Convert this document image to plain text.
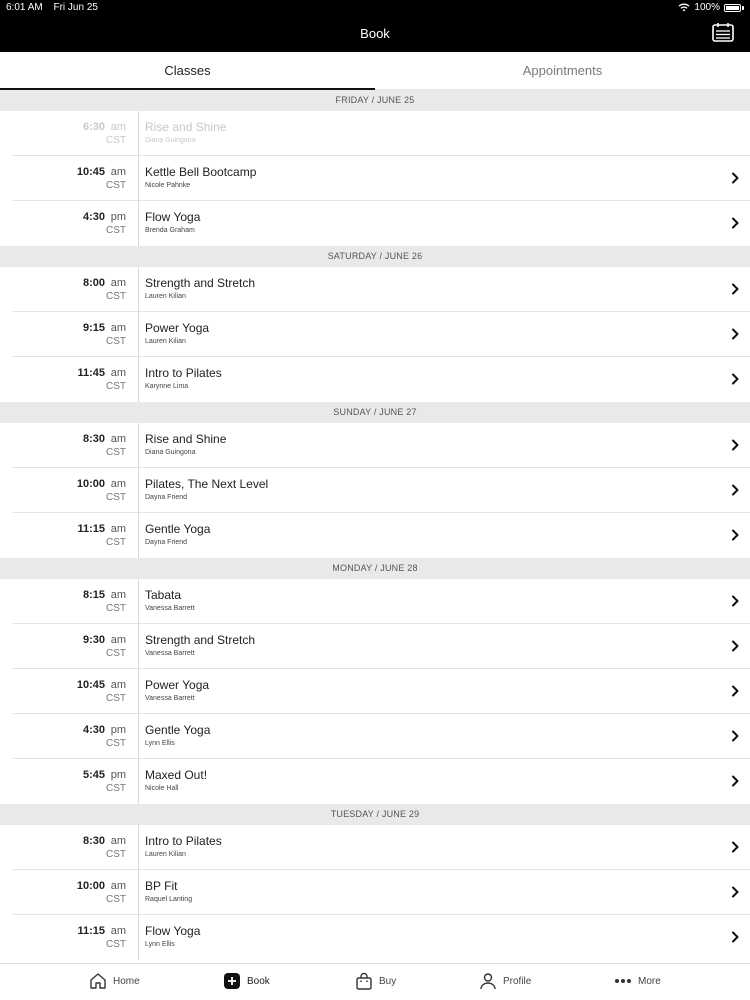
6:01 AM Fri Jun 25	100%
Book
Classes	Appointments
FRIDAY / JUNE 25
6:30 am
CST
Rise and Shine
Diana Guingona
10:45 am
CST
Kettle Bell Bootcamp
Nicole Pahnke
4:30 pm
CST
Flow Yoga
Brenda Graham
SATURDAY / JUNE 26
8:00 am
CST
Strength and Stretch
Lauren Kilian
9:15 am
CST
Power Yoga
Lauren Kilian
11:45 am
CST
Intro to Pilates
Karynne Lima
SUNDAY / JUNE 27
8:30 am
CST
Rise and Shine
Diana Guingona
10:00 am
CST
Pilates, The Next Level
Dayna Friend
11:15 am
CST
Gentle Yoga
Dayna Friend
MONDAY / JUNE 28
8:15 am
CST
Tabata
Vanessa Barrett
9:30 am
CST
Strength and Stretch
Vanessa Barrett
10:45 am
CST
Power Yoga
Vanessa Barrett
4:30 pm
CST
Gentle Yoga
Lynn Ellis
5:45 pm
CST
Maxed Out!
Nicole Hall
TUESDAY / JUNE 29
8:30 am
CST
Intro to Pilates
Lauren Kilian
10:00 am
CST
BP Fit
Raquel Lanting
11:15 am
CST
Flow Yoga
Lynn Ellis
Home	Book	Buy	Profile	More
